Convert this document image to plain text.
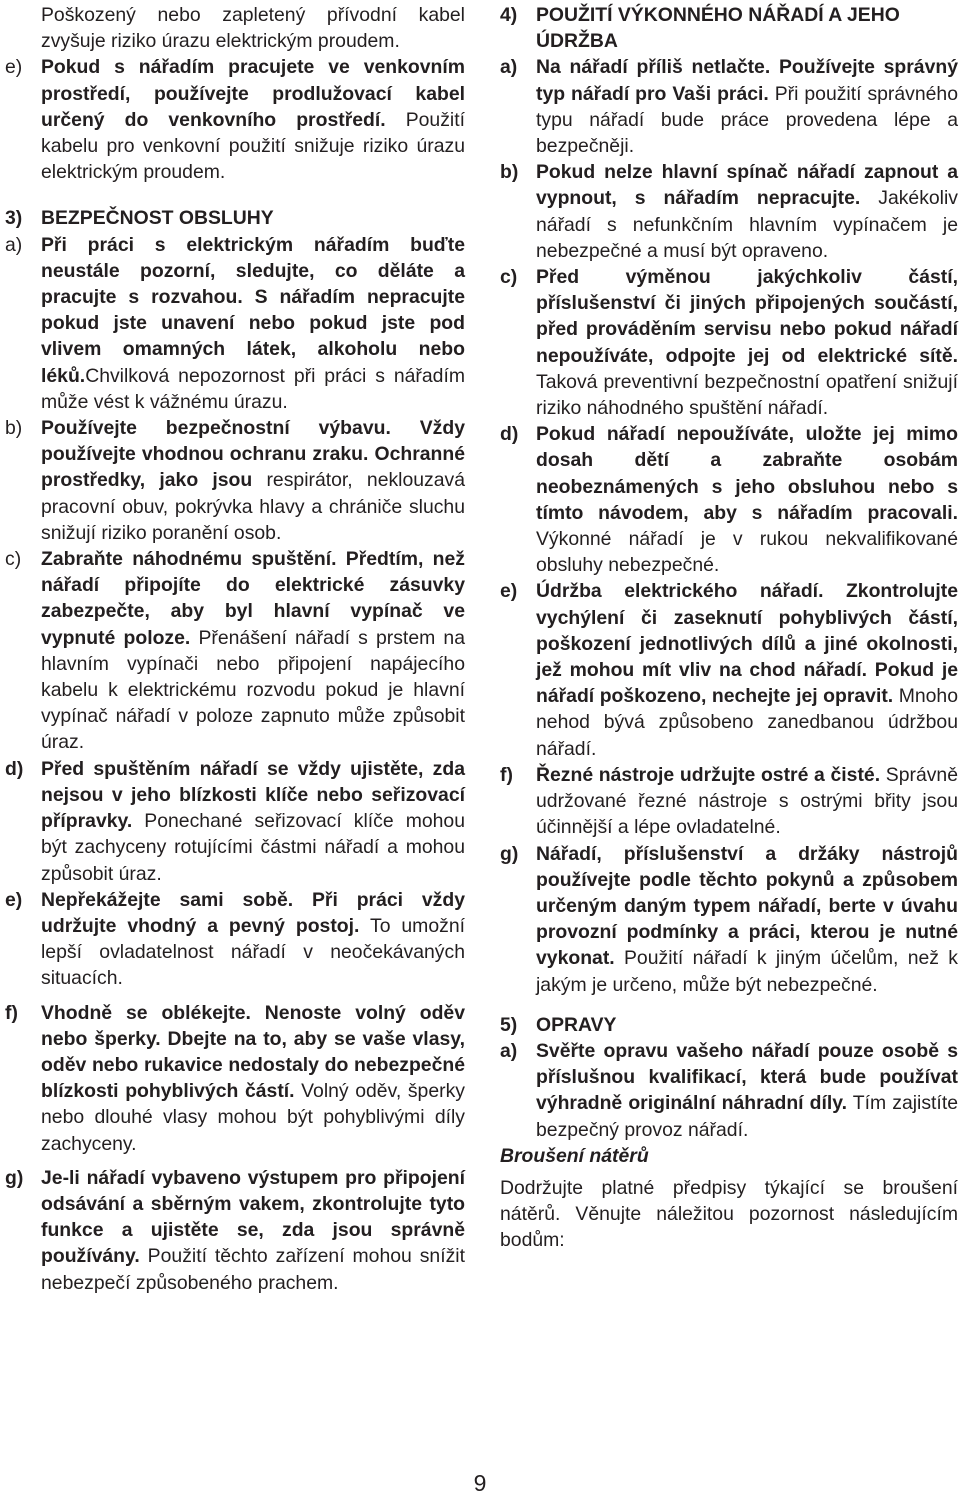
Poškozený nebo zapletený přívodní kabel zvyšuje riziko úrazu elektrickým proudem.

e) Pokud s nářadím pracujete ve venkovním prostředí, používejte prodlužovací kabel určený do venkovního prostředí. Použití kabelu pro venkovní použití snižuje riziko úrazu elektrickým proudem.
3) BEZPEČNOST OBSLUHY
a) Při práci s elektrickým nářadím buďte neustále pozorní, sledujte, co děláte a pracujte s rozvahou. S nářadím nepracujte pokud jste unavení nebo pokud jste pod vlivem omamných látek, alkoholu nebo léků.Chvilková nepozornost při práci s nářadím může vést k vážnému úrazu.
b) Používejte bezpečnostní výbavu. Vždy používejte vhodnou ochranu zraku. Ochranné prostředky, jako jsou respirátor, neklouzavá pracovní obuv, pokrývka hlavy a chrániče sluchu snižují riziko poranění osob.
c)	Zabraňte náhodnému spuštění. Předtím, než nářadí připojíte do elektrické zásuvky zabezpečte, aby byl hlavní vypínač ve vypnuté poloze. Přenášení nářadí s prstem na hlavním vypínači nebo připojení napájecího kabelu k elektrickému rozvodu pokud je hlavní vypínač nářadí v poloze zapnuto může způsobit úraz.
d) Před spuštěním nářadí se vždy ujistěte, zda nejsou v jeho blízkosti klíče nebo seřizovací přípravky. Ponechané seřizovací klíče mohou být zachyceny rotujícími částmi nářadí a mohou způsobit úraz.
e) Nepřekážejte sami sobě. Při práci vždy udržujte vhodný a pevný postoj. To umožní lepší ovladatelnost nářadí v neočekávaných situacích.
f)	Vhodně se oblékejte. Nenoste volný oděv nebo šperky. Dbejte na to, aby se vaše vlasy, oděv nebo rukavice nedostaly do nebezpečné blízkosti pohyblivých částí. Volný oděv, šperky nebo dlouhé vlasy mohou být pohyblivými díly zachyceny.
g) Je-li nářadí vybaveno výstupem pro připojení odsávání a sběrným vakem, zkontrolujte tyto funkce a ujistěte se, zda jsou správně používány. Použití těchto zařízení mohou snížit nebezpečí způsobeného prachem.
4) POUŽITÍ VÝKONNÉHO NÁŘADÍ A JEHO ÚDRŽBA
a) Na nářadí příliš netlačte. Používejte správný typ nářadí pro Vaši práci. Při použití správného typu nářadí bude práce provedena lépe a bezpečněji.
b) Pokud nelze hlavní spínač nářadí zapnout a vypnout, s nářadím nepracujte. Jakékoliv nářadí s nefunkčním hlavním vypínačem je nebezpečné a musí být opraveno.
c) Před výměnou jakýchkoliv částí, příslušenství či jiných připojených součástí, před prováděním servisu nebo pokud nářadí nepoužíváte, odpojte jej od elektrické sítě. Taková preventivní bezpečnostní opatření snižují riziko náhodného spuštění nářadí.
d) Pokud nářadí nepoužíváte, uložte jej mimo dosah dětí a zabraňte osobám neobeznámených s jeho obsluhou nebo s tímto návodem, aby s nářadím pracovali. Výkonné nářadí je v rukou nekvalifikované obsluhy nebezpečné.
e) Údržba elektrického nářadí. Zkontrolujte vychýlení či zaseknutí pohyblivých částí, poškození jednotlivých dílů a jiné okolnosti, jež mohou mít vliv na chod nářadí. Pokud je nářadí poškozeno, nechejte jej opravit. Mnoho nehod bývá způsobeno zanedbanou údržbou nářadí.
f)	Řezné nástroje udržujte ostré a čisté. Správně udržované řezné nástroje s ostrými břity jsou účinnější a lépe ovladatelné.
g) Nářadí, příslušenství a držáky nástrojů používejte podle těchto pokynů a způsobem určeným daným typem nářadí, berte v úvahu provozní podmínky a práci, kterou je nutné vykonat. Použití nářadí k jiným účelům, než k jakým je určeno, může být nebezpečné.
5) OPRAVY
a) Svěřte opravu vašeho nářadí pouze osobě s příslušnou kvalifikací, která bude používat výhradně originální náhradní díly. Tím zajistíte bezpečný provoz nářadí.

Broušení nátěrů

Dodržujte platné předpisy týkající se broušení nátěrů. Věnujte náležitou pozornost následujícím bodům:

9
